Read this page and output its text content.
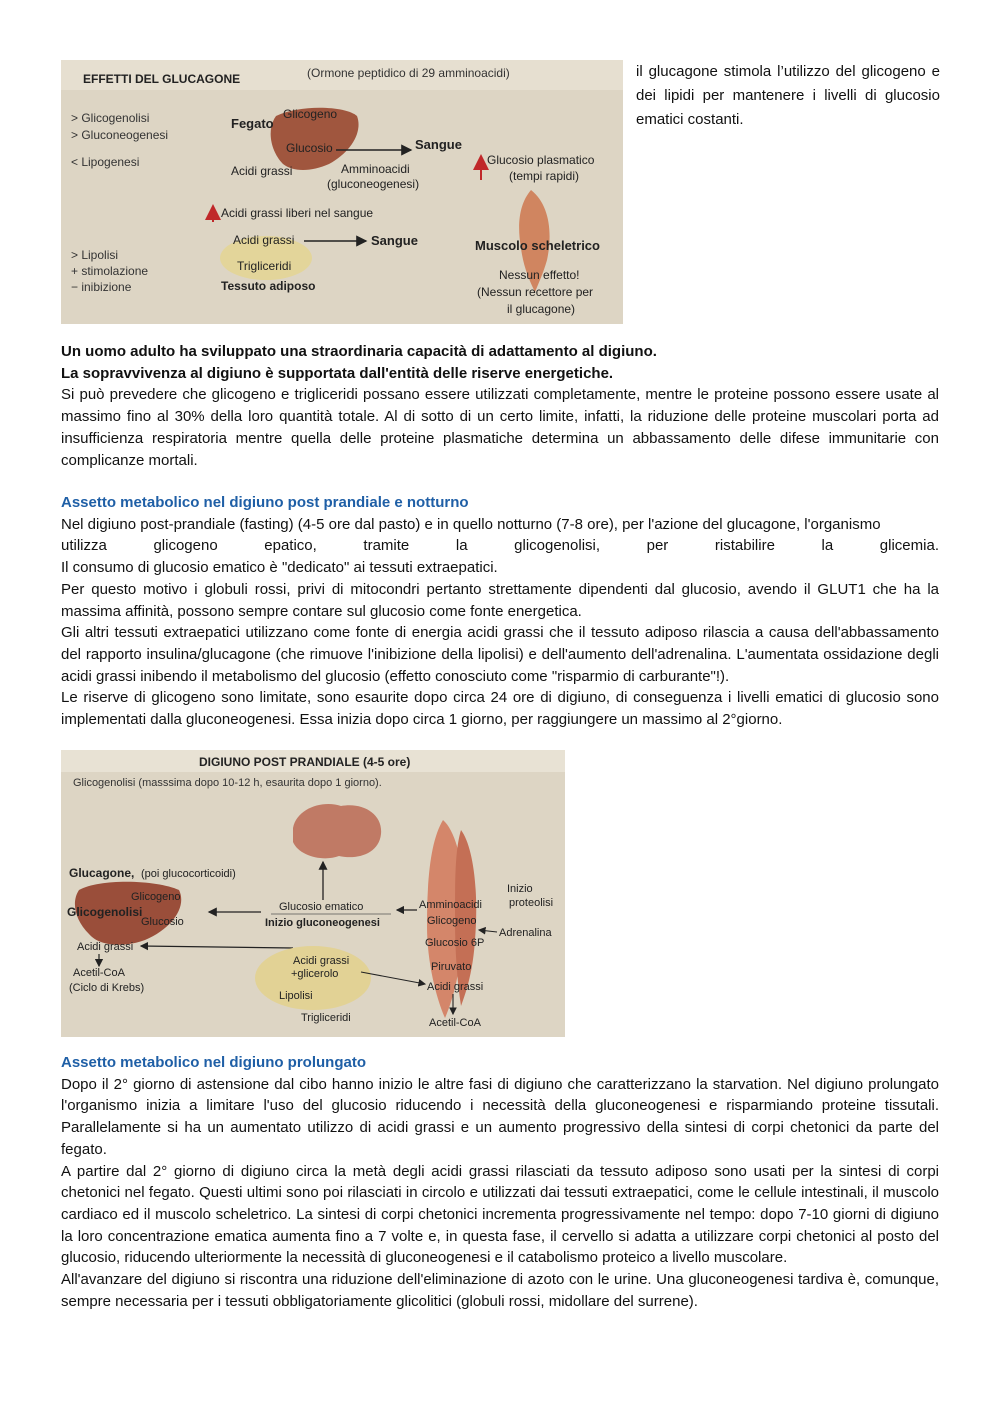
EFFETTI DEL GLUCAGONE	(Ormone peptidico di 29 amminoacidi)
> Glicogenolisi
> Gluconeogenesi
< Lipogenesi
Fegato
Glicogeno
Glucosio
Acidi grassi	Amminoacidi
(gluconeogenesi)
Sangue
Glucosio plasmatico
(tempi rapidi)
Acidi grassi liberi nel sangue
Acidi grassi
Trigliceridi
Sangue
Tessuto adiposo
> Lipolisi
+ stimolazione
− inibizione
Muscolo scheletrico
Nessun effetto!
(Nessun recettore per
il glucagone)
il glucagone stimola l’utilizzo del glicogeno e dei lipidi per mantenere i livelli di glucosio ematici costanti.

Un uomo adulto ha sviluppato una straordinaria capacità di adattamento al digiuno.

La sopravvivenza al digiuno è supportata dall'entità delle riserve energetiche.

Si può prevedere che glicogeno e trigliceridi possano essere utilizzati completamente, mentre le proteine possono essere usate al massimo fino al 30% della loro quantità totale. Al di sotto di un certo limite, infatti, la riduzione delle proteine muscolari porta ad insufficienza respiratoria mentre quella delle proteine plasmatiche determina un abbassamento delle difese immunitarie con complicanze mortali.

Assetto metabolico nel digiuno post prandiale e notturno

Nel digiuno post-prandiale (fasting) (4-5 ore dal pasto) e in quello notturno (7-8 ore), per l'azione del glucagone, l'organismo

utilizza glicogeno epatico, tramite la glicogenolisi, per ristabilire la glicemia.

Il consumo di glucosio ematico è "dedicato" ai tessuti extraepatici.

Per questo motivo i globuli rossi, privi di mitocondri pertanto strettamente dipendenti dal glucosio, avendo il GLUT1 che ha la massima affinità, possono sempre contare sul glucosio come fonte energetica.

Gli altri tessuti extraepatici utilizzano come fonte di energia acidi grassi che il tessuto adiposo rilascia a causa dell'abbassamento del rapporto insulina/glucagone (che rimuove l'inibizione della lipolisi) e dell'aumento dell'adrenalina. L'aumentata ossidazione degli acidi grassi inibendo il metabolismo del glucosio (effetto conosciuto come "risparmio di carburante"!).

Le riserve di glicogeno sono limitate, sono esaurite dopo circa 24 ore di digiuno, di conseguenza i livelli ematici di glucosio sono implementati dalla gluconeogenesi. Essa inizia dopo circa 1 giorno, per raggiungere un massimo al 2°giorno.

DIGIUNO POST PRANDIALE (4-5 ore)
Glicogenolisi (masssima dopo 10-12 h, esaurita dopo 1 giorno).
Glucagone, (poi glucocorticoidi)
Glicogeno
Glicogenolisi
Glucosio
Acidi grassi
Acetil-CoA
(Ciclo di Krebs)
Glucosio ematico
Inizio gluconeogenesi
Acidi grassi
+glicerolo
Lipolisi
Trigliceridi
Inizio
proteolisi
Amminoacidi
Glicogeno
Adrenalina
Glucosio 6P
Piruvato
Acidi grassi
Acetil-CoA

Assetto metabolico nel digiuno prolungato

Dopo il 2° giorno di astensione dal cibo hanno inizio le altre fasi di digiuno che caratterizzano la starvation. Nel digiuno prolungato l'organismo inizia a limitare l'uso del glucosio riducendo i necessità della gluconeogenesi e risparmiando proteine tissutali. Parallelamente si ha un aumentato utilizzo di acidi grassi e un aumento progressivo della sintesi di corpi chetonici da parte del fegato.

A partire dal 2° giorno di digiuno circa la metà degli acidi grassi rilasciati da tessuto adiposo sono usati per la sintesi di corpi chetonici nel fegato. Questi ultimi sono poi rilasciati in circolo e utilizzati dai tessuti extraepatici, come le cellule intestinali, il muscolo cardiaco ed il muscolo scheletrico. La sintesi di corpi chetonici incrementa progressivamente nel tempo: dopo 7-10 giorni di digiuno la loro concentrazione ematica aumenta fino a 7 volte e, in questa fase, il cervello si adatta a utilizzare corpi chetonici al posto del glucosio, riducendo ulteriormente la necessità di gluconeogenesi e il catabolismo proteico a livello muscolare.

All'avanzare del digiuno si riscontra una riduzione dell'eliminazione di azoto con le urine. Una gluconeogenesi tardiva è, comunque, sempre necessaria per i tessuti obbligatoriamente glicolitici (globuli rossi, midollare del surrene).
